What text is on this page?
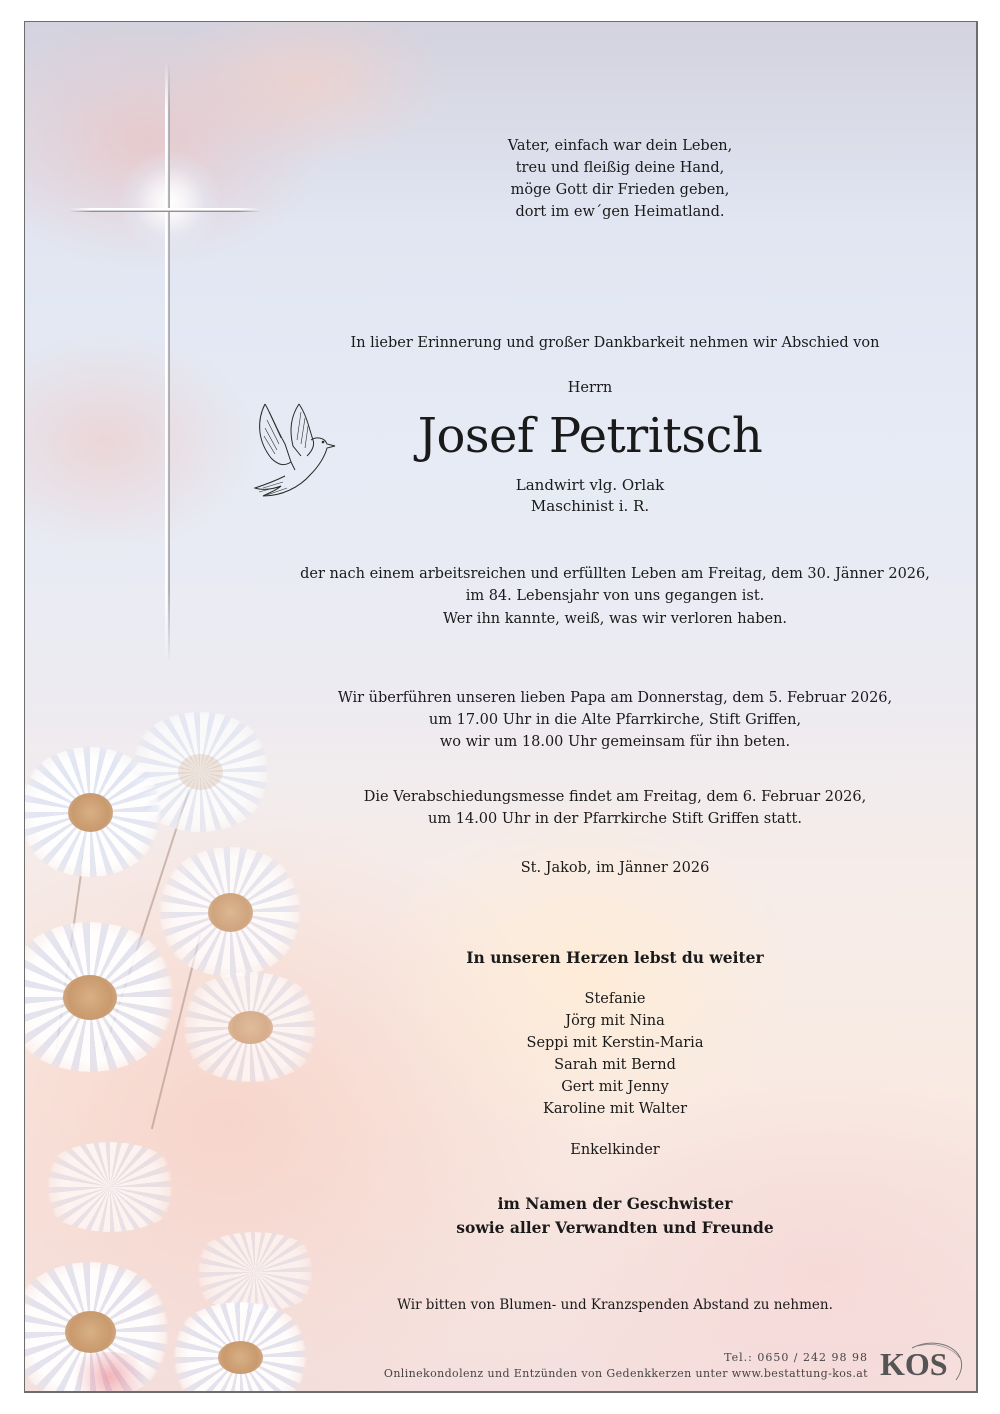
Vater, einfach war dein Leben,
treu und fleißig deine Hand,
möge Gott dir Frieden geben,
dort im ew´gen Heimatland.
In lieber Erinnerung und großer Dankbarkeit nehmen wir Abschied von
Herrn
Josef Petritsch
Landwirt vlg. Orlak
Maschinist i. R.
der nach einem arbeitsreichen und erfüllten Leben am Freitag, dem 30. Jänner 2026,
im 84. Lebensjahr von uns gegangen ist.
Wer ihn kannte, weiß, was wir verloren haben.
Wir überführen unseren lieben Papa am Donnerstag, dem 5. Februar 2026,
um 17.00 Uhr in die Alte Pfarrkirche, Stift Griffen,
wo wir um 18.00 Uhr gemeinsam für ihn beten.
Die Verabschiedungsmesse findet am Freitag, dem 6. Februar 2026,
um 14.00 Uhr in der Pfarrkirche Stift Griffen statt.
St. Jakob, im Jänner 2026
In unseren Herzen lebst du weiter
Stefanie
Jörg mit Nina
Seppi mit Kerstin-Maria
Sarah mit Bernd
Gert mit Jenny
Karoline mit Walter
Enkelkinder
im Namen der Geschwister
sowie aller Verwandten und Freunde
Wir bitten von Blumen- und Kranzspenden Abstand zu nehmen.
Tel.: 0650 / 242 98 98
Onlinekondolenz und Entzünden von Gedenkkerzen unter www.bestattung-kos.at KOS
